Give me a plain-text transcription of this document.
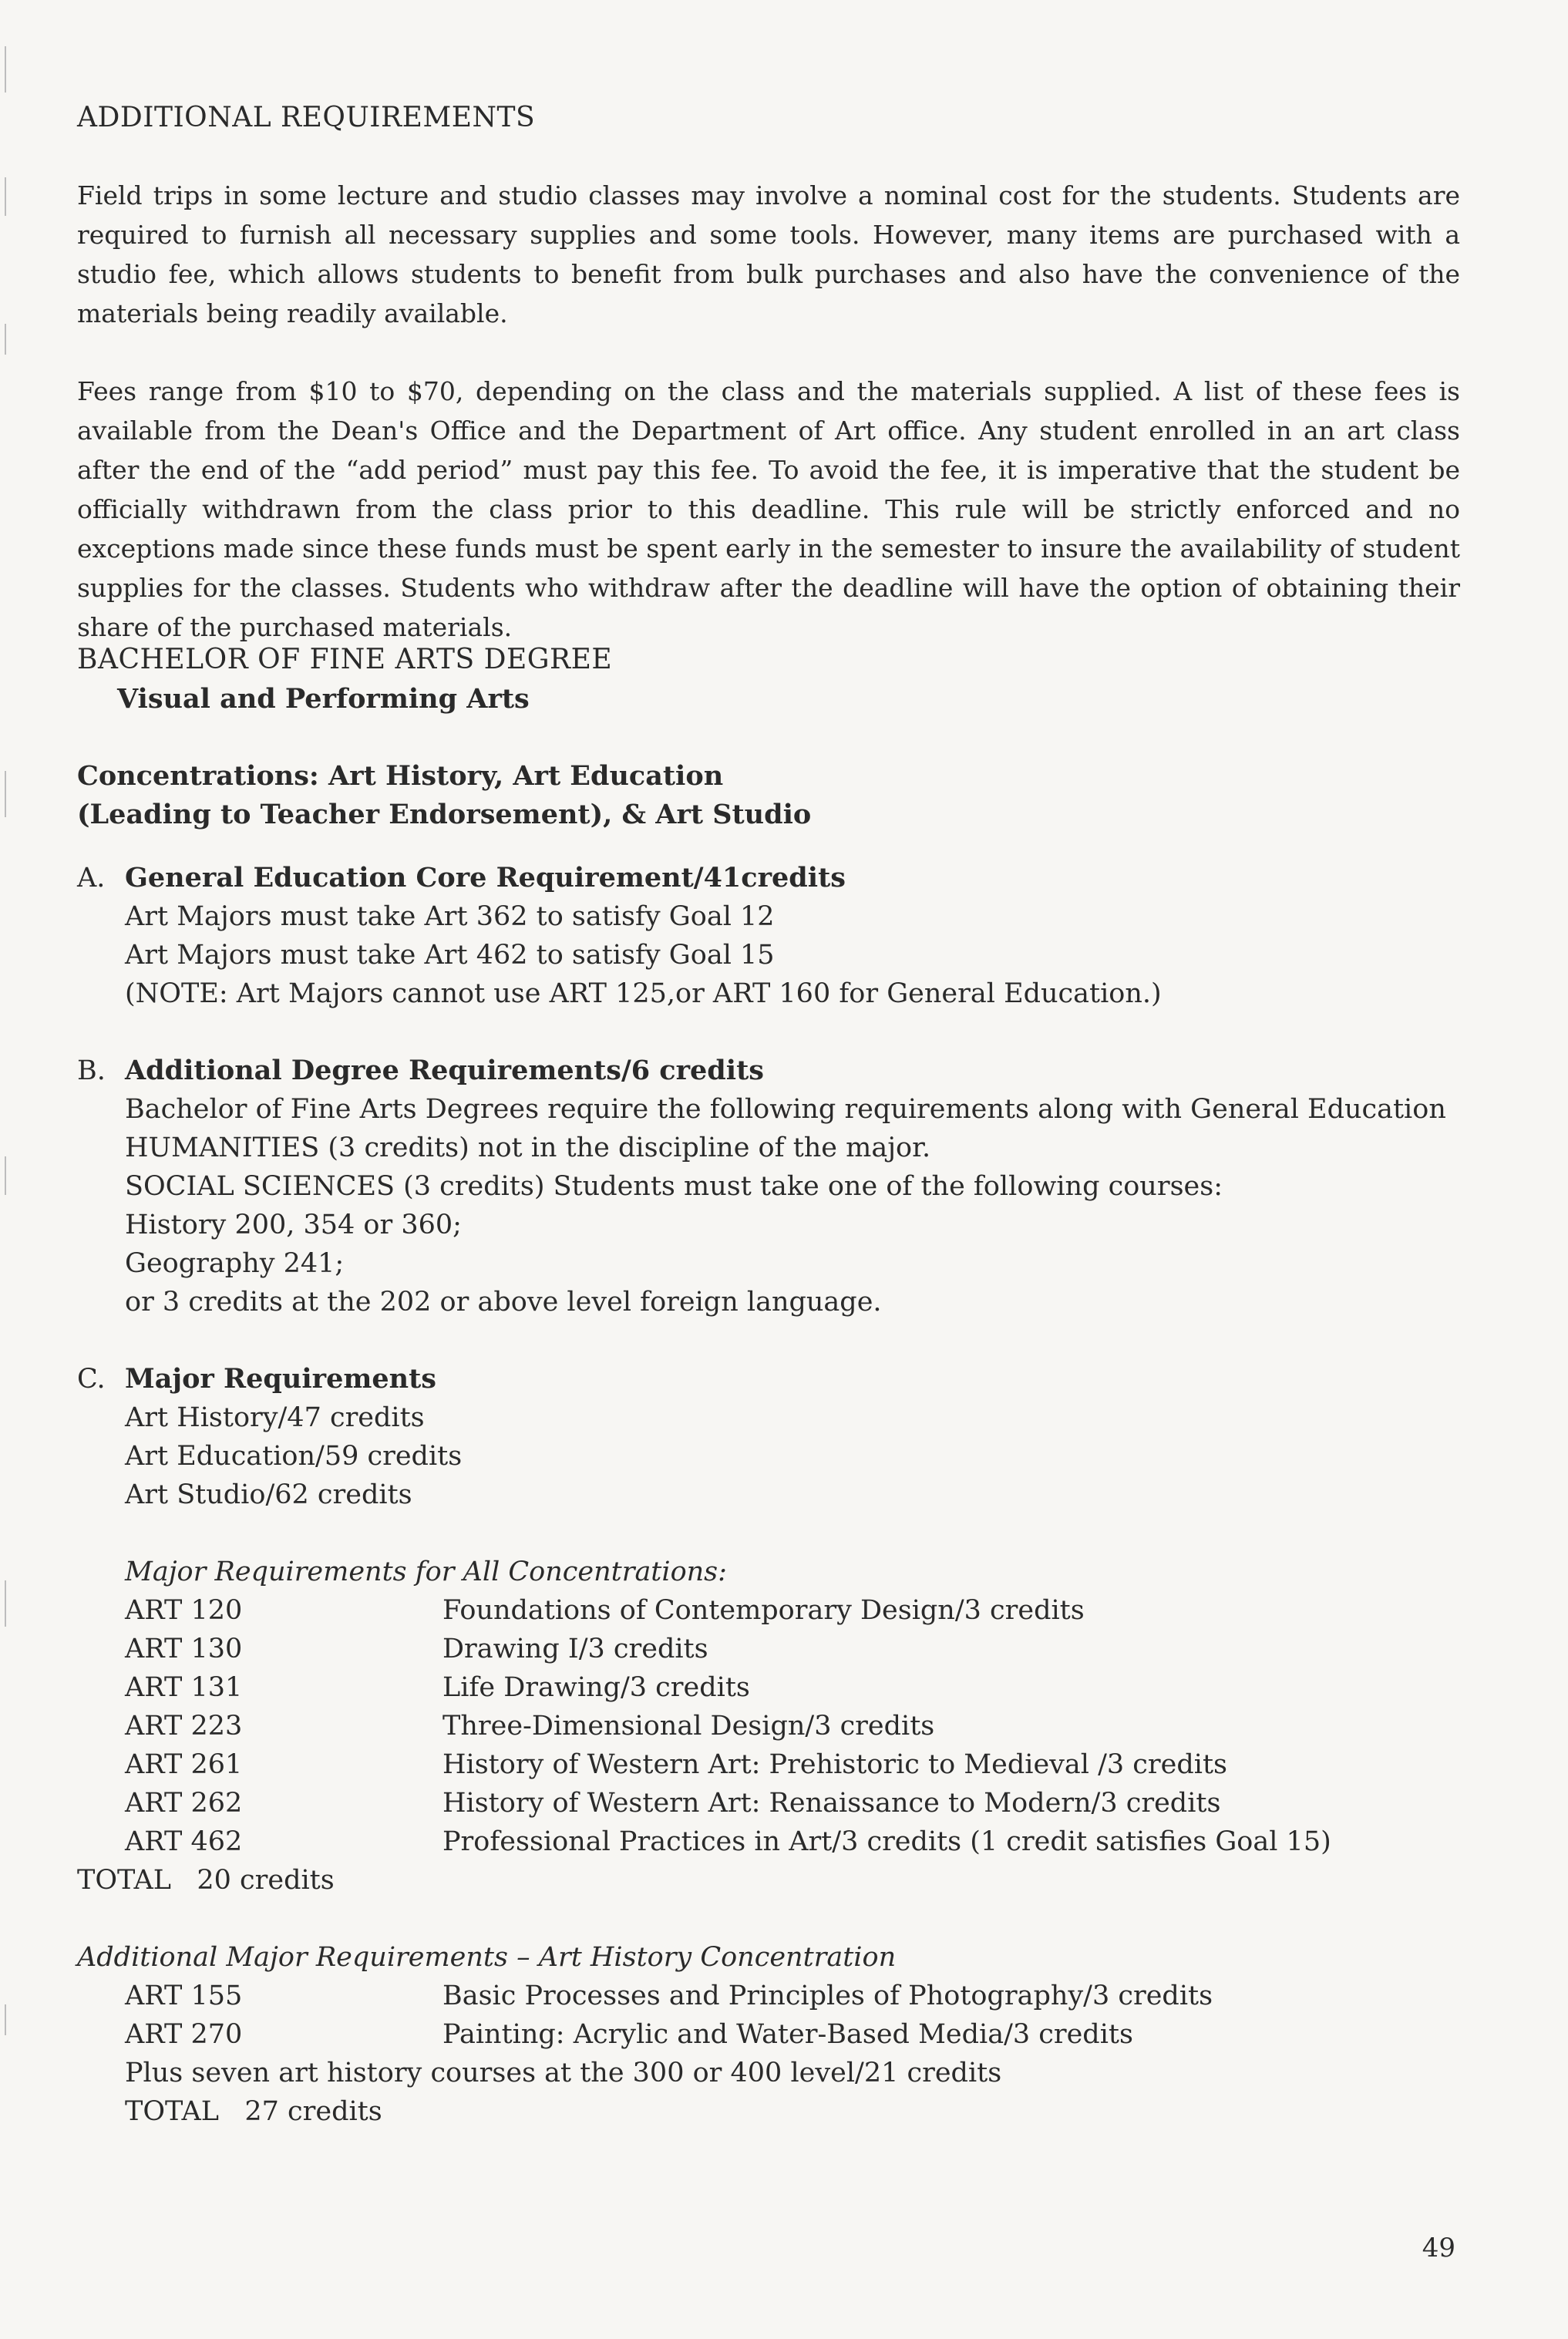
ADDITIONAL REQUIREMENTS
Field trips in some lecture and studio classes may involve a nominal cost for the students. Students are required to furnish all necessary supplies and some tools. However, many items are purchased with a studio fee, which allows students to benefit from bulk purchases and also have the convenience of the materials being readily available.
Fees range from $10 to $70, depending on the class and the materials supplied. A list of these fees is available from the Dean's Office and the Department of Art office. Any student enrolled in an art class after the end of the “add period” must pay this fee. To avoid the fee, it is imperative that the student be officially withdrawn from the class prior to this deadline. This rule will be strictly enforced and no exceptions made since these funds must be spent early in the semester to insure the availability of student supplies for the classes. Students who withdraw after the deadline will have the option of obtaining their share of the purchased materials.
BACHELOR OF FINE ARTS DEGREE
Visual and Performing Arts
Concentrations: Art History, Art Education
(Leading to Teacher Endorsement), & Art Studio
A. General Education Core Requirement/41credits
Art Majors must take Art 362 to satisfy Goal 12
Art Majors must take Art 462 to satisfy Goal 15
(NOTE: Art Majors cannot use ART 125,or ART 160 for General Education.)
B. Additional Degree Requirements/6 credits
Bachelor of Fine Arts Degrees require the following requirements along with General Education
HUMANITIES (3 credits) not in the discipline of the major.
SOCIAL SCIENCES (3 credits) Students must take one of the following courses:
History 200, 354 or 360;
Geography 241;
or 3 credits at the 202 or above level foreign language.
C. Major Requirements
Art History/47 credits
Art Education/59 credits
Art Studio/62 credits
Major Requirements for All Concentrations:
ART 120	Foundations of Contemporary Design/3 credits
ART 130	Drawing I/3 credits
ART 131	Life Drawing/3 credits
ART 223	Three-Dimensional Design/3 credits
ART 261	History of Western Art: Prehistoric to Medieval /3 credits
ART 262	History of Western Art: Renaissance to Modern/3 credits
ART 462	Professional Practices in Art/3 credits (1 credit satisfies Goal 15)
TOTAL   20 credits
Additional Major Requirements – Art History Concentration
ART 155	Basic Processes and Principles of Photography/3 credits
ART 270	Painting: Acrylic and Water-Based Media/3 credits
Plus seven art history courses at the 300 or 400 level/21 credits
TOTAL   27 credits
49
